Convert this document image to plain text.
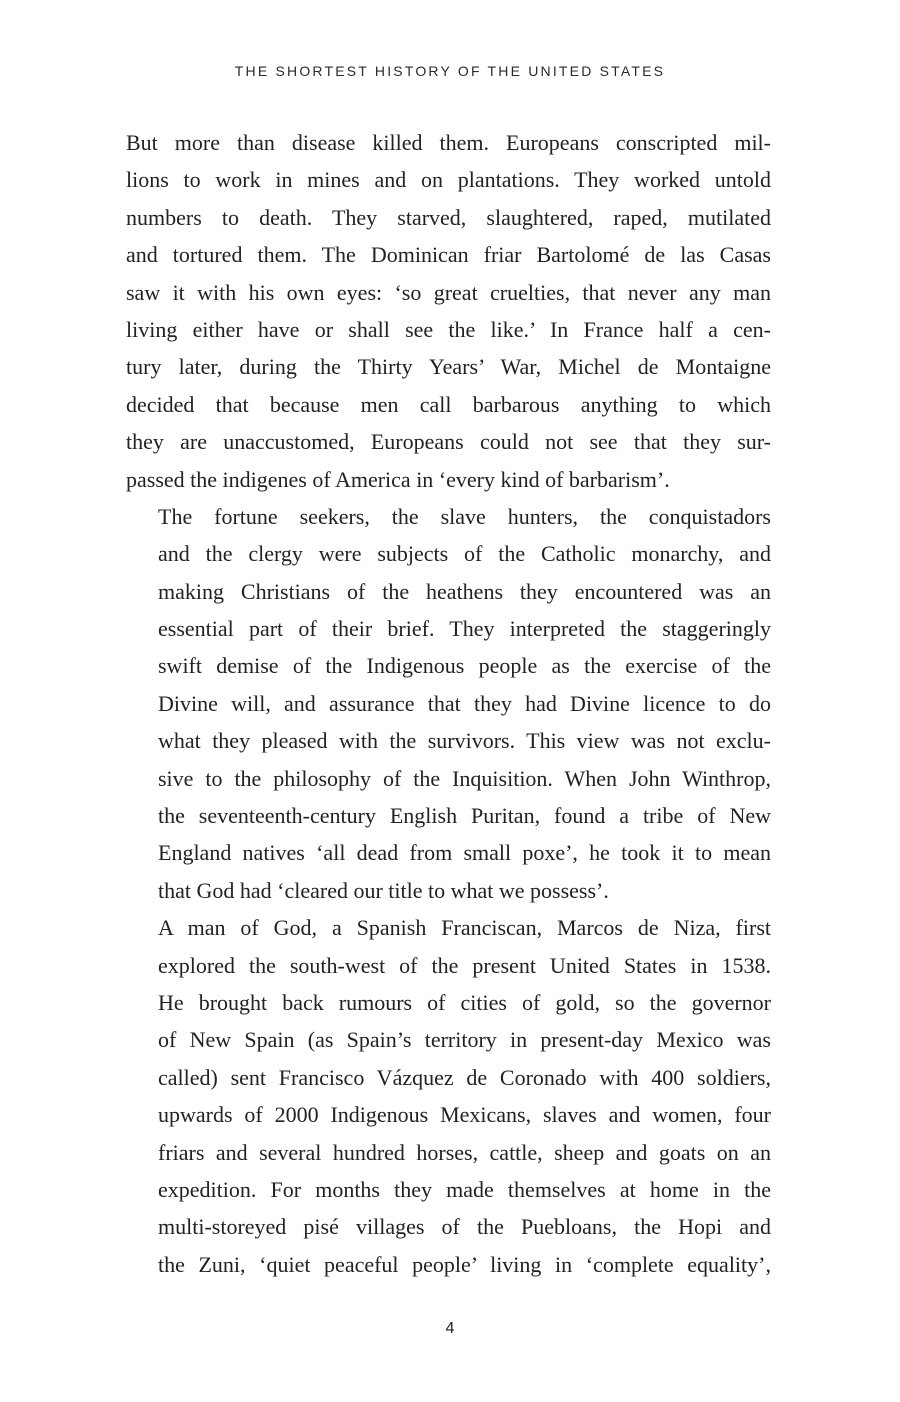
THE SHORTEST HISTORY OF THE UNITED STATES

But more than disease killed them. Europeans conscripted mil-
lions to work in mines and on plantations. They worked untold
numbers to death. They starved, slaughtered, raped, mutilated
and tortured them. The Dominican friar Bartolomé de las Casas
saw it with his own eyes: ‘so great cruelties, that never any man
living either have or shall see the like.’ In France half a cen-
tury later, during the Thirty Years’ War, Michel de Montaigne
decided that because men call barbarous anything to which
they are unaccustomed, Europeans could not see that they sur-
passed the indigenes of America in ‘every kind of barbarism’.

The fortune seekers, the slave hunters, the conquistadors
and the clergy were subjects of the Catholic monarchy, and
making Christians of the heathens they encountered was an
essential part of their brief. They interpreted the staggeringly
swift demise of the Indigenous people as the exercise of the
Divine will, and assurance that they had Divine licence to do
what they pleased with the survivors. This view was not exclu-
sive to the philosophy of the Inquisition. When John Winthrop,
the seventeenth-century English Puritan, found a tribe of New
England natives ‘all dead from small poxe’, he took it to mean
that God had ‘cleared our title to what we possess’.

A man of God, a Spanish Franciscan, Marcos de Niza, first
explored the south-west of the present United States in 1538.
He brought back rumours of cities of gold, so the governor
of New Spain (as Spain’s territory in present-day Mexico was
called) sent Francisco Vázquez de Coronado with 400 soldiers,
upwards of 2000 Indigenous Mexicans, slaves and women, four
friars and several hundred horses, cattle, sheep and goats on an
expedition. For months they made themselves at home in the
multi-storeyed pisé villages of the Puebloans, the Hopi and
the Zuni, ‘quiet peaceful people’ living in ‘complete equality’,

4
